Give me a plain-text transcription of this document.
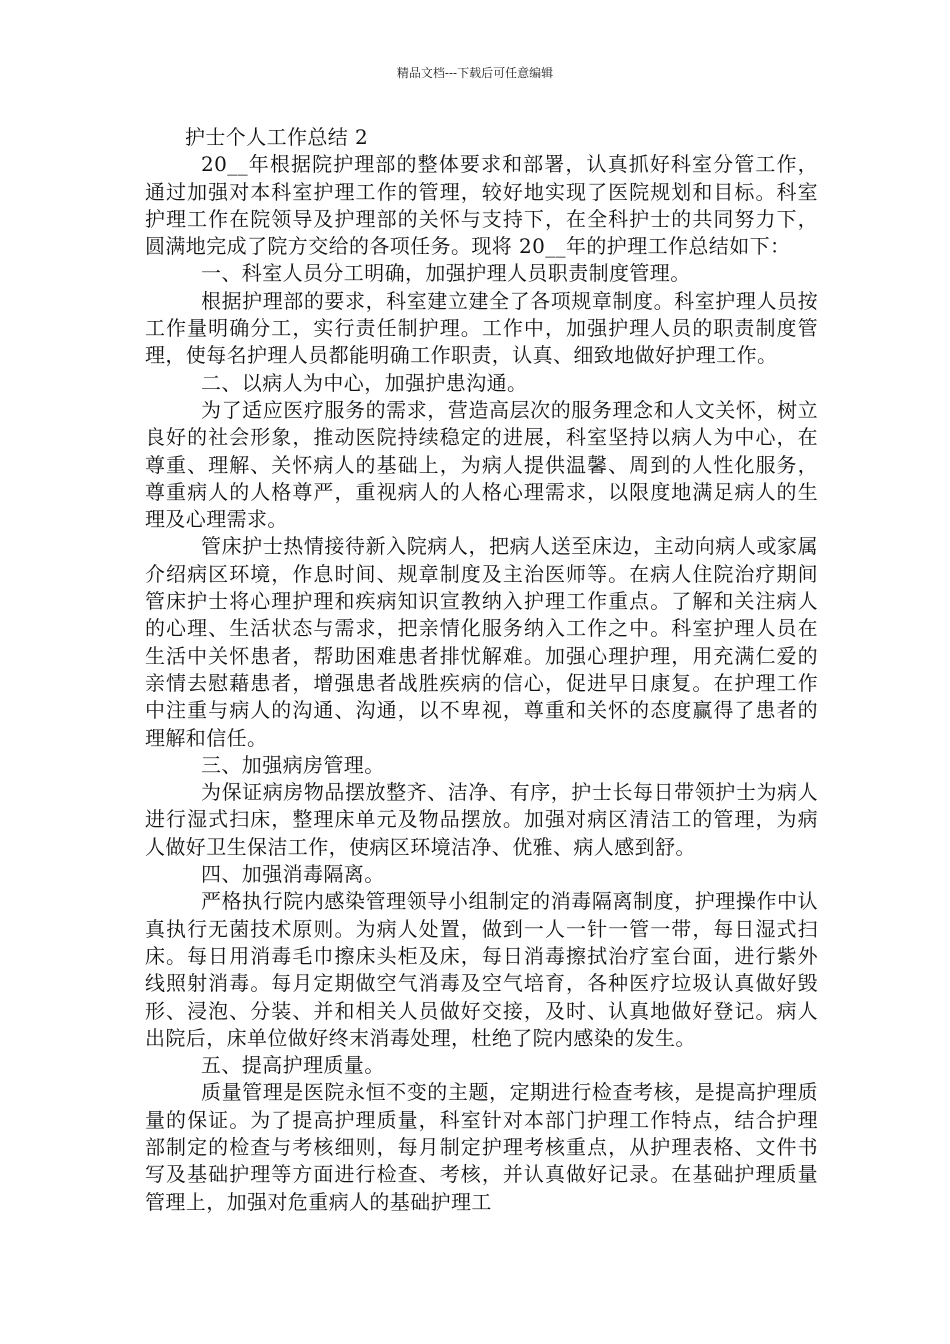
精品文档---下载后可任意编辑

护士个人工作总结 2

20__年根据院护理部的整体要求和部署，认真抓好科室分管工作，通过加强对本科室护理工作的管理，较好地实现了医院规划和目标。科室护理工作在院领导及护理部的关怀与支持下，在全科护士的共同努力下，圆满地完成了院方交给的各项任务。现将 20__年的护理工作总结如下：

一、科室人员分工明确，加强护理人员职责制度管理。

根据护理部的要求，科室建立建全了各项规章制度。科室护理人员按工作量明确分工，实行责任制护理。工作中，加强护理人员的职责制度管理，使每名护理人员都能明确工作职责，认真、细致地做好护理工作。

二、以病人为中心，加强护患沟通。

为了适应医疗服务的需求，营造高层次的服务理念和人文关怀，树立良好的社会形象，推动医院持续稳定的进展，科室坚持以病人为中心，在尊重、理解、关怀病人的基础上，为病人提供温馨、周到的人性化服务，尊重病人的人格尊严，重视病人的人格心理需求，以限度地满足病人的生理及心理需求。

管床护士热情接待新入院病人，把病人送至床边，主动向病人或家属介绍病区环境，作息时间、规章制度及主治医师等。在病人住院治疗期间管床护士将心理护理和疾病知识宣教纳入护理工作重点。了解和关注病人的心理、生活状态与需求，把亲情化服务纳入工作之中。科室护理人员在生活中关怀患者，帮助困难患者排忧解难。加强心理护理，用充满仁爱的亲情去慰藉患者，增强患者战胜疾病的信心，促进早日康复。在护理工作中注重与病人的沟通、沟通，以不卑视，尊重和关怀的态度赢得了患者的理解和信任。

三、加强病房管理。

为保证病房物品摆放整齐、洁净、有序，护士长每日带领护士为病人进行湿式扫床，整理床单元及物品摆放。加强对病区清洁工的管理，为病人做好卫生保洁工作，使病区环境洁净、优雅、病人感到舒。

四、加强消毒隔离。

严格执行院内感染管理领导小组制定的消毒隔离制度，护理操作中认真执行无菌技术原则。为病人处置，做到一人一针一管一带，每日湿式扫床。每日用消毒毛巾擦床头柜及床，每日消毒擦拭治疗室台面，进行紫外线照射消毒。每月定期做空气消毒及空气培育，各种医疗垃圾认真做好毁形、浸泡、分装、并和相关人员做好交接，及时、认真地做好登记。病人出院后，床单位做好终末消毒处理，杜绝了院内感染的发生。

五、提高护理质量。

质量管理是医院永恒不变的主题，定期进行检查考核，是提高护理质量的保证。为了提高护理质量，科室针对本部门护理工作特点，结合护理部制定的检查与考核细则，每月制定护理考核重点，从护理表格、文件书写及基础护理等方面进行检查、考核，并认真做好记录。在基础护理质量管理上，加强对危重病人的基础护理工
